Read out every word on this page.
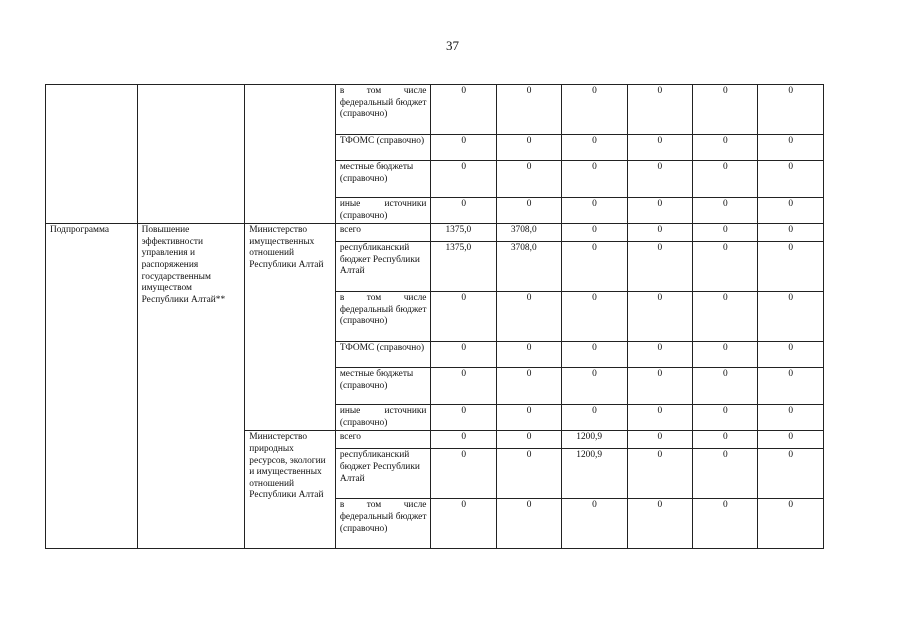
37
			в том числе федеральный бюджет (справочно)	0	0	0	0	0	0
			ТФОМС (справочно)	0	0	0	0	0	0
			местные бюджеты (справочно)	0	0	0	0	0	0
			иные источники (справочно)	0	0	0	0	0	0
Подпрограмма	Повышение эффективности управления и распоряжения государственным имуществом Республики Алтай**	Министерство имущественных отношений Республики Алтай	всего	1375,0	3708,0	0	0	0	0
			республиканский бюджет Республики Алтай	1375,0	3708,0	0	0	0	0
			в том числе федеральный бюджет (справочно)	0	0	0	0	0	0
			ТФОМС (справочно)	0	0	0	0	0	0
			местные бюджеты (справочно)	0	0	0	0	0	0
			иные источники (справочно)	0	0	0	0	0	0
		Министерство природных ресурсов, экологии и имущественных отношений Республики Алтай	всего	0	0	1200,9	0	0	0
			республиканский бюджет Республики Алтай	0	0	1200,9	0	0	0
			в том числе федеральный бюджет (справочно)	0	0	0	0	0	0
